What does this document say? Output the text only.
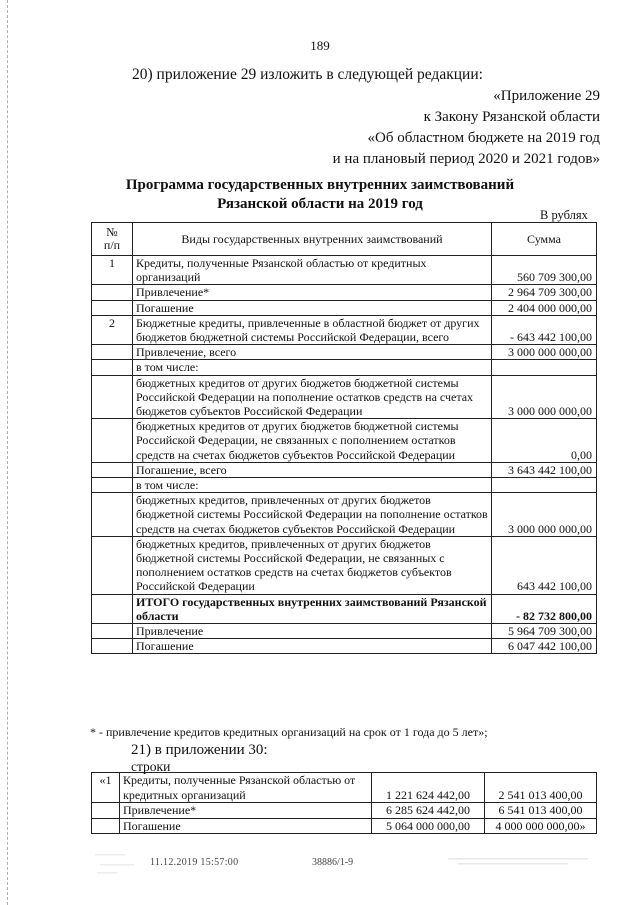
189
20) приложение 29 изложить в следующей редакции:
«Приложение 29
к Закону Рязанской области
«Об областном бюджете на 2019 год
и на плановый период 2020 и 2021 годов»
Программа государственных внутренних заимствований
Рязанской области на 2019 год
В рублях
№
п/п	Виды государственных внутренних заимствований	Сумма
1	Кредиты, полученные Рязанской областью от кредитных организаций	560 709 300,00
	Привлечение*	2 964 709 300,00
	Погашение	2 404 000 000,00
2	Бюджетные кредиты, привлеченные в областной бюджет от других бюджетов бюджетной системы Российской Федерации, всего	- 643 442 100,00
	Привлечение, всего	3 000 000 000,00
	в том числе:	
	бюджетных кредитов от других бюджетов бюджетной системы Российской Федерации на пополнение остатков средств на счетах бюджетов субъектов Российской Федерации	3 000 000 000,00
	бюджетных кредитов от других бюджетов бюджетной системы Российской Федерации, не связанных с пополнением остатков средств на счетах бюджетов субъектов Российской Федерации	0,00
	Погашение, всего	3 643 442 100,00
	в том числе:	
	бюджетных кредитов, привлеченных от других бюджетов бюджетной системы Российской Федерации на пополнение остатков средств на счетах бюджетов субъектов Российской Федерации	3 000 000 000,00
	бюджетных кредитов, привлеченных от других бюджетов бюджетной системы Российской Федерации, не связанных с пополнением остатков средств на счетах бюджетов субъектов Российской Федерации	643 442 100,00
	ИТОГО государственных внутренних заимствований Рязанской области	- 82 732 800,00
	Привлечение	5 964 709 300,00
	Погашение	6 047 442 100,00
* - привлечение кредитов кредитных организаций на срок от 1 года до 5 лет»;
21) в приложении 30:
строки
«1	Кредиты, полученные Рязанской областью от кредитных организаций	1 221 624 442,00	2 541 013 400,00
	Привлечение*	6 285 624 442,00	6 541 013 400,00
	Погашение	5 064 000 000,00	4 000 000 000,00»
11.12.2019 15:57:00	38886/1-9
